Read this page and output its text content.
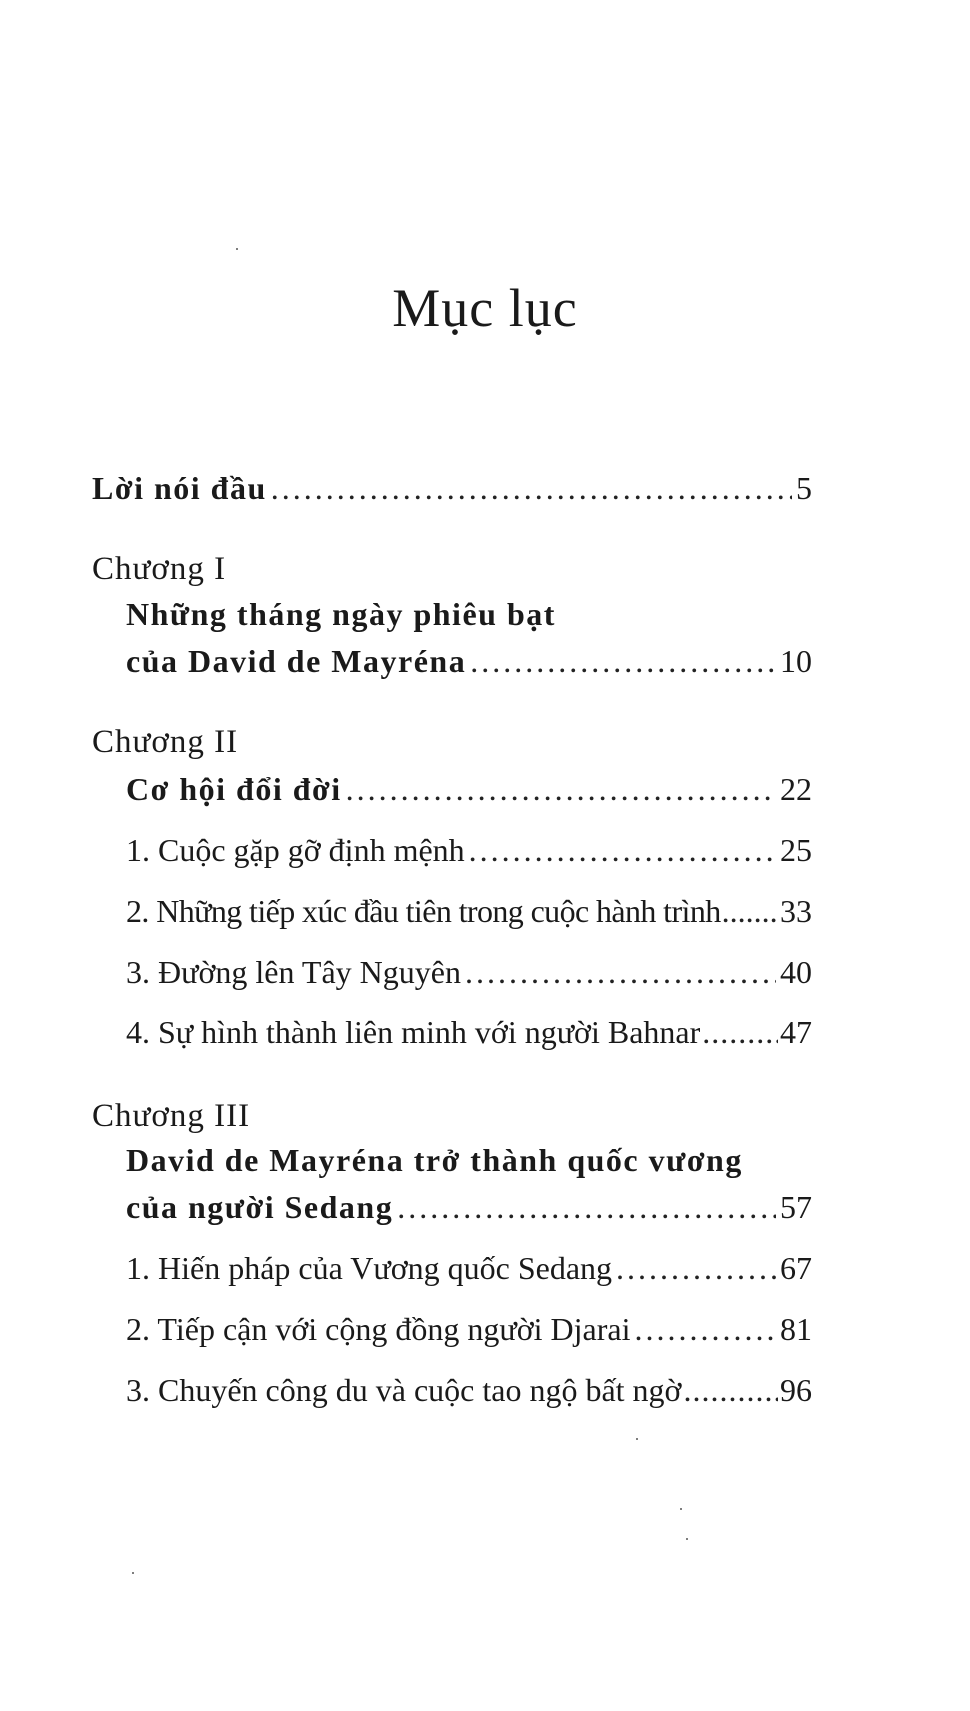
Mục lục
Lời nói đầu .....	5
Chương I
Những tháng ngày phiêu bạt
của David de Mayréna .....	10
Chương II
Cơ hội đổi đời .....	22
1. Cuộc gặp gỡ định mệnh .....	25
2. Những tiếp xúc đầu tiên trong cuộc hành trình ..... 33
3. Đường lên Tây Nguyên .....	40
4. Sự hình thành liên minh với người Bahnar ..... 47
Chương III
David de Mayréna trở thành quốc vương
của người Sedang .....	57
1. Hiến pháp của Vương quốc Sedang .....	67
2. Tiếp cận với cộng đồng người Djarai .....	81
3. Chuyến công du và cuộc tao ngộ bất ngờ .....	96
